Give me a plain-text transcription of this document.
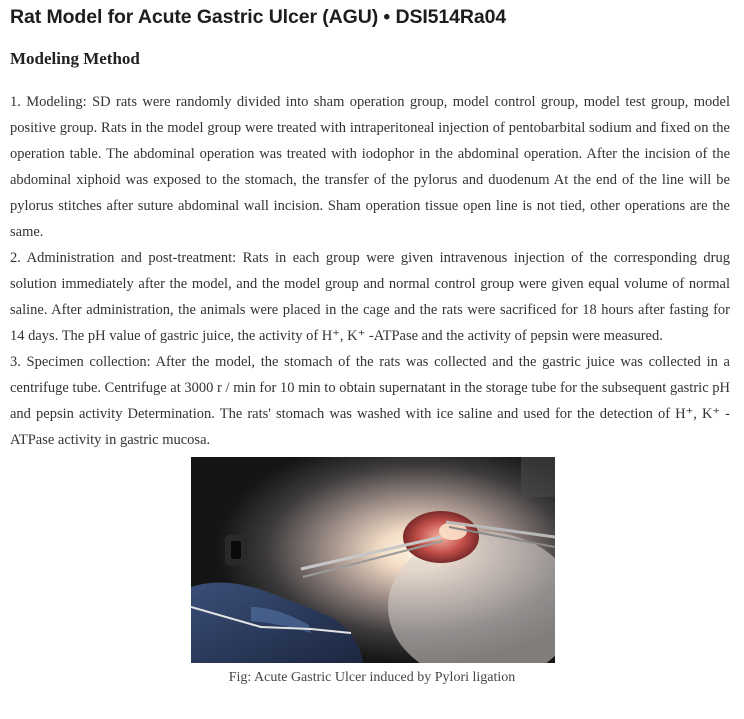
Rat Model for Acute Gastric Ulcer (AGU) • DSI514Ra04
Modeling Method

1. Modeling: SD rats were randomly divided into sham operation group, model control group, model test group, model positive group. Rats in the model group were treated with intraperitoneal injection of pentobarbital sodium and fixed on the operation table. The abdominal operation was treated with iodophor in the abdominal operation. After the incision of the abdominal xiphoid was exposed to the stomach, the transfer of the pylorus and duodenum At the end of the line will be pylorus stitches after suture abdominal wall incision. Sham operation tissue open line is not tied, other operations are the same.

2. Administration and post-treatment: Rats in each group were given intravenous injection of the corresponding drug solution immediately after the model, and the model group and normal control group were given equal volume of normal saline. After administration, the animals were placed in the cage and the rats were sacrificed for 18 hours after fasting for 14 days. The pH value of gastric juice, the activity of H⁺, K⁺ -ATPase and the activity of pepsin were measured.

3. Specimen collection: After the model, the stomach of the rats was collected and the gastric juice was collected in a centrifuge tube. Centrifuge at 3000 r / min for 10 min to obtain supernatant in the storage tube for the subsequent gastric pH and pepsin activity Determination. The rats' stomach was washed with ice saline and used for the detection of H⁺, K⁺ -ATPase activity in gastric mucosa.

Fig: Acute Gastric Ulcer induced by Pylori ligation
